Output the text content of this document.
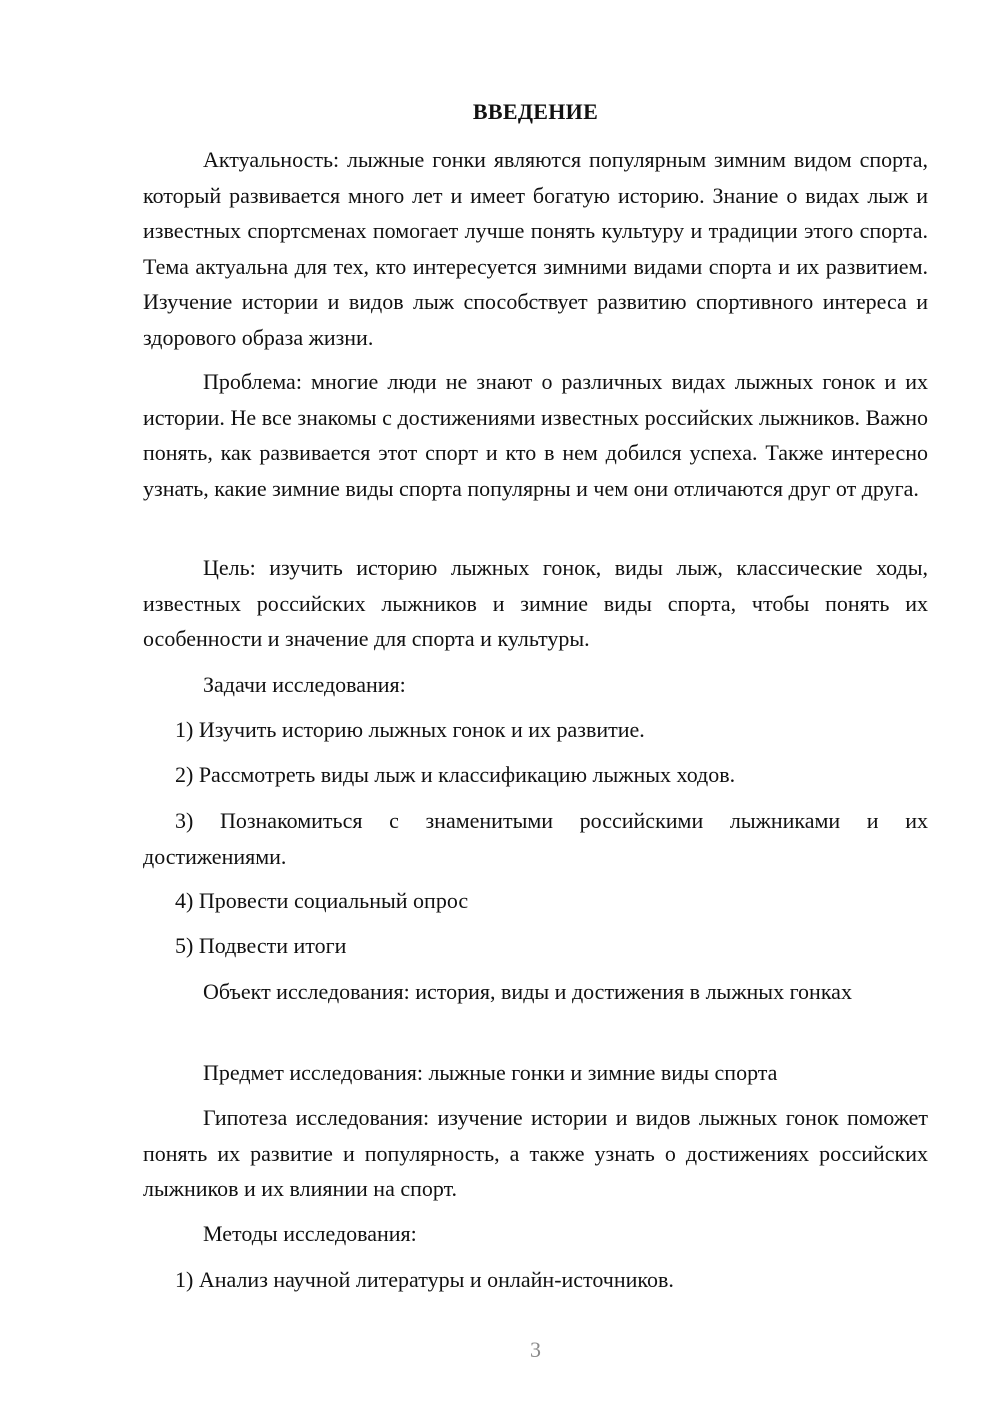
ВВЕДЕНИЕ

Актуальность: лыжные гонки являются популярным зимним видом спорта, который развивается много лет и имеет богатую историю. Знание о видах лыж и известных спортсменах помогает лучше понять культуру и традиции этого спорта. Тема актуальна для тех, кто интересуется зимними видами спорта и их развитием. Изучение истории и видов лыж способствует развитию спортивного интереса и здорового образа жизни.

Проблема: многие люди не знают о различных видах лыжных гонок и их истории. Не все знакомы с достижениями известных российских лыжников. Важно понять, как развивается этот спорт и кто в нем добился успеха. Также интересно узнать, какие зимние виды спорта популярны и чем они отличаются друг от друга.

Цель: изучить историю лыжных гонок, виды лыж, классические ходы, известных российских лыжников и зимние виды спорта, чтобы понять их особенности и значение для спорта и культуры.

Задачи исследования:

1) Изучить историю лыжных гонок и их развитие.

2) Рассмотреть виды лыж и классификацию лыжных ходов.

3) Познакомиться с знаменитыми российскими лыжниками и их достижениями.

4) Провести социальный опрос

5) Подвести итоги

Объект исследования: история, виды и достижения в лыжных гонках

Предмет исследования: лыжные гонки и зимние виды спорта

Гипотеза исследования: изучение истории и видов лыжных гонок поможет понять их развитие и популярность, а также узнать о достижениях российских лыжников и их влиянии на спорт.

Методы исследования:

1) Анализ научной литературы и онлайн-источников.

3
